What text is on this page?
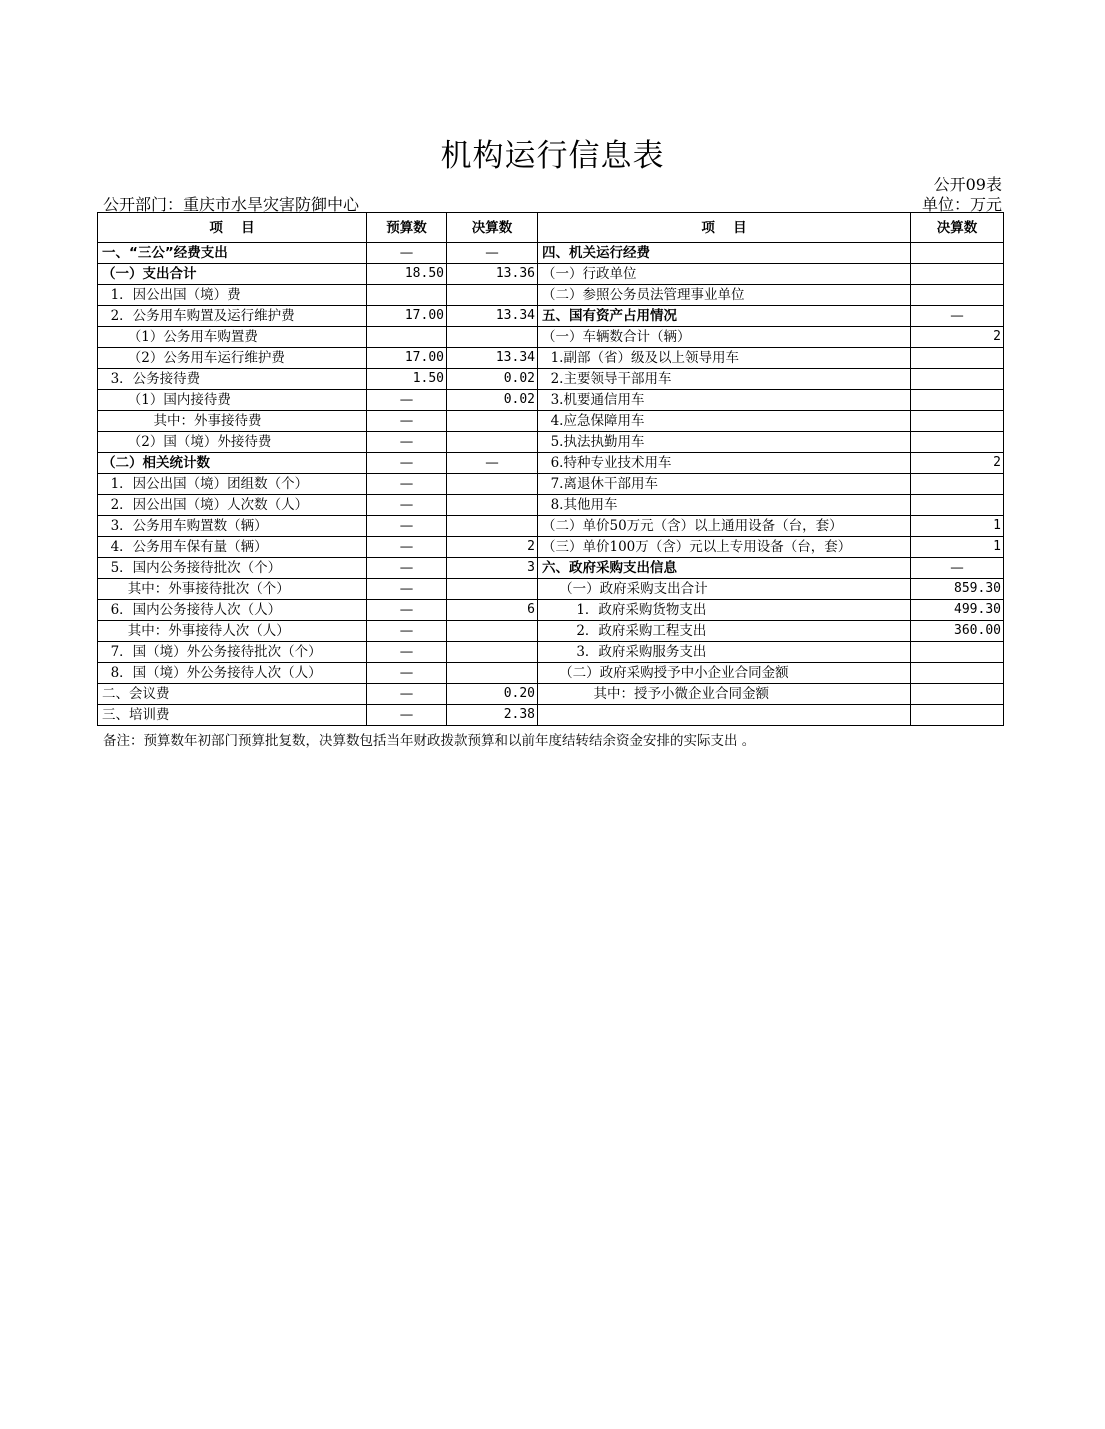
机构运行信息表
公开09表
公开部门：重庆市水旱灾害防御中心	单位：万元
项　 目	预算数	决算数	项　 目	决算数
一、“三公”经费支出	—	—	四、机关运行经费	
（一）支出合计	18.50	13.36	（一）行政单位	
1．因公出国（境）费			（二）参照公务员法管理事业单位	
2．公务用车购置及运行维护费	17.00	13.34	五、国有资产占用情况	—
（1）公务用车购置费			（一）车辆数合计（辆）	2
（2）公务用车运行维护费	17.00	13.34	1.副部（省）级及以上领导用车	
3．公务接待费	1.50	0.02	2.主要领导干部用车	
（1）国内接待费	—	0.02	3.机要通信用车	
其中：外事接待费	—		4.应急保障用车	
（2）国（境）外接待费	—		5.执法执勤用车	
（二）相关统计数	—	—	6.特种专业技术用车	2
1．因公出国（境）团组数（个）	—		7.离退休干部用车	
2．因公出国（境）人次数（人）	—		8.其他用车	
3．公务用车购置数（辆）	—		（二）单价50万元（含）以上通用设备（台，套）	1
4．公务用车保有量（辆）	—	2	（三）单价100万（含）元以上专用设备（台，套）	1
5．国内公务接待批次（个）	—	3	六、政府采购支出信息	—
其中：外事接待批次（个）	—		（一）政府采购支出合计	859.30
6．国内公务接待人次（人）	—	6	1．政府采购货物支出	499.30
其中：外事接待人次（人）	—		2．政府采购工程支出	360.00
7．国（境）外公务接待批次（个）	—		3．政府采购服务支出	
8．国（境）外公务接待人次（人）	—		（二）政府采购授予中小企业合同金额	
二、会议费	—	0.20	其中：授予小微企业合同金额	
三、培训费	—	2.38		
备注：预算数年初部门预算批复数，决算数包括当年财政拨款预算和以前年度结转结余资金安排的实际支出 。
